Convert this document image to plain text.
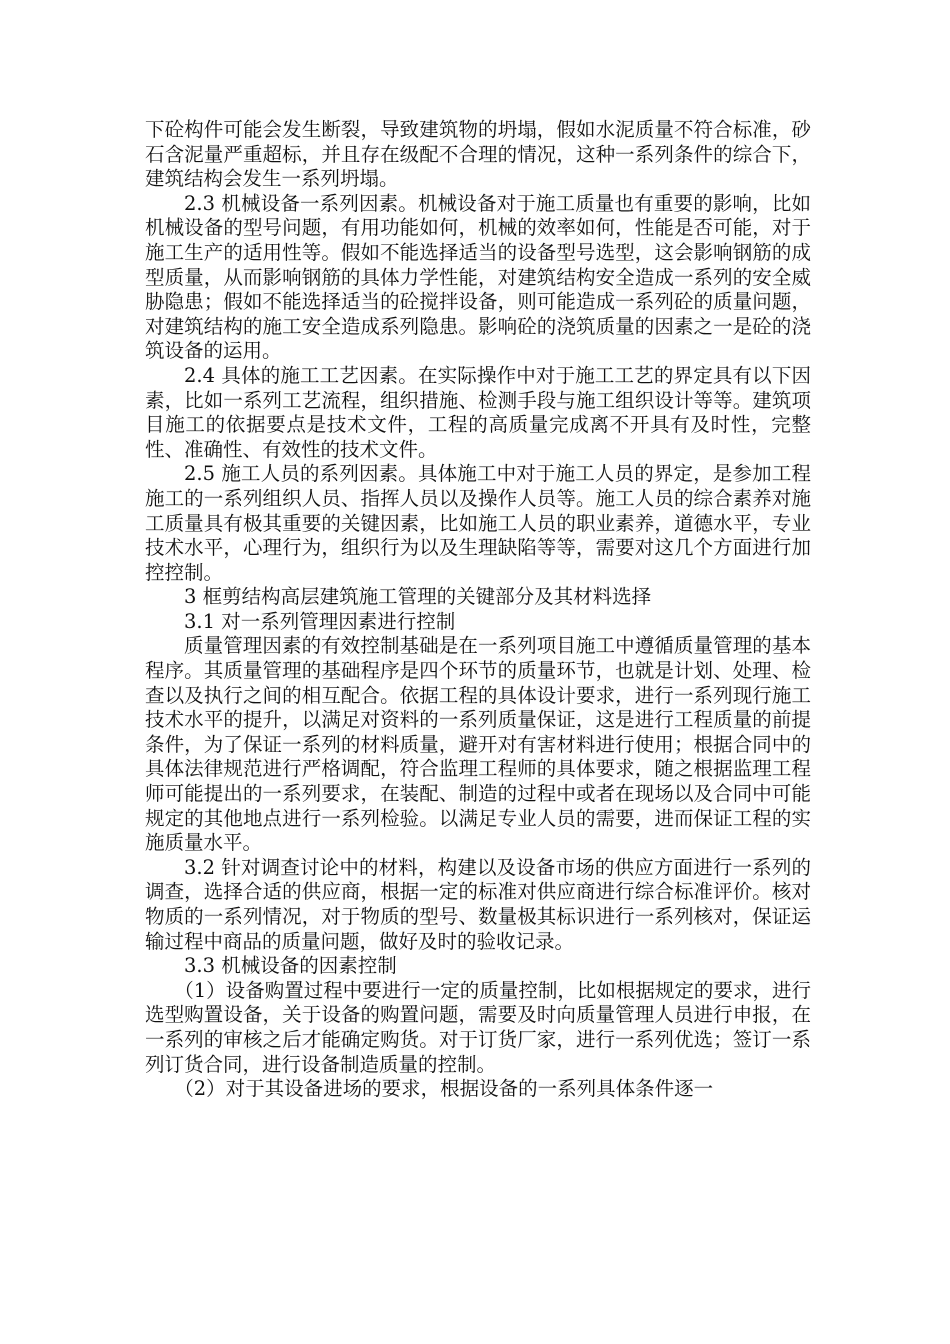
下砼构件可能会发生断裂，导致建筑物的坍塌，假如水泥质量不符合标准，砂石含泥量严重超标，并且存在级配不合理的情况，这种一系列条件的综合下，建筑结构会发生一系列坍塌。

2.3 机械设备一系列因素。机械设备对于施工质量也有重要的影响，比如机械设备的型号问题，有用功能如何，机械的效率如何，性能是否可能，对于施工生产的适用性等。假如不能选择适当的设备型号选型，这会影响钢筋的成型质量，从而影响钢筋的具体力学性能，对建筑结构安全造成一系列的安全威胁隐患；假如不能选择适当的砼搅拌设备，则可能造成一系列砼的质量问题，对建筑结构的施工安全造成系列隐患。影响砼的浇筑质量的因素之一是砼的浇筑设备的运用。

2.4 具体的施工工艺因素。在实际操作中对于施工工艺的界定具有以下因素，比如一系列工艺流程，组织措施、检测手段与施工组织设计等等。建筑项目施工的依据要点是技术文件，工程的高质量完成离不开具有及时性，完整性、准确性、有效性的技术文件。

2.5 施工人员的系列因素。具体施工中对于施工人员的界定，是参加工程施工的一系列组织人员、指挥人员以及操作人员等。施工人员的综合素养对施工质量具有极其重要的关键因素，比如施工人员的职业素养，道德水平，专业技术水平，心理行为，组织行为以及生理缺陷等等，需要对这几个方面进行加控控制。

3 框剪结构高层建筑施工管理的关键部分及其材料选择

3.1 对一系列管理因素进行控制

质量管理因素的有效控制基础是在一系列项目施工中遵循质量管理的基本程序。其质量管理的基础程序是四个环节的质量环节，也就是计划、处理、检查以及执行之间的相互配合。依据工程的具体设计要求，进行一系列现行施工技术水平的提升，以满足对资料的一系列质量保证，这是进行工程质量的前提条件，为了保证一系列的材料质量，避开对有害材料进行使用；根据合同中的具体法律规范进行严格调配，符合监理工程师的具体要求，随之根据监理工程师可能提出的一系列要求，在装配、制造的过程中或者在现场以及合同中可能规定的其他地点进行一系列检验。以满足专业人员的需要，进而保证工程的实施质量水平。

3.2 针对调查讨论中的材料，构建以及设备市场的供应方面进行一系列的调查，选择合适的供应商，根据一定的标准对供应商进行综合标准评价。核对物质的一系列情况，对于物质的型号、数量极其标识进行一系列核对，保证运输过程中商品的质量问题，做好及时的验收记录。

3.3 机械设备的因素控制

（1）设备购置过程中要进行一定的质量控制，比如根据规定的要求，进行选型购置设备，关于设备的购置问题，需要及时向质量管理人员进行申报，在一系列的审核之后才能确定购货。对于订货厂家，进行一系列优选；签订一系列订货合同，进行设备制造质量的控制。

（2）对于其设备进场的要求，根据设备的一系列具体条件逐一
